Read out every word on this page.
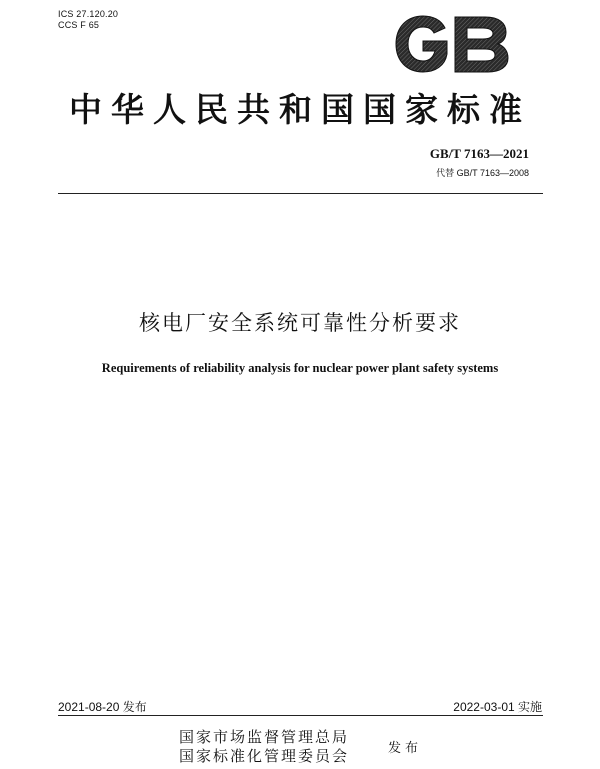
ICS 27.120.20
CCS F 65
中华人民共和国国家标准
GB/T 7163—2021
代替 GB/T 7163—2008
核电厂安全系统可靠性分析要求
Requirements of reliability analysis for nuclear power plant safety systems
2021-08-20 发布	2022-03-01 实施
国家市场监督管理总局
国家标准化管理委员会	发布
